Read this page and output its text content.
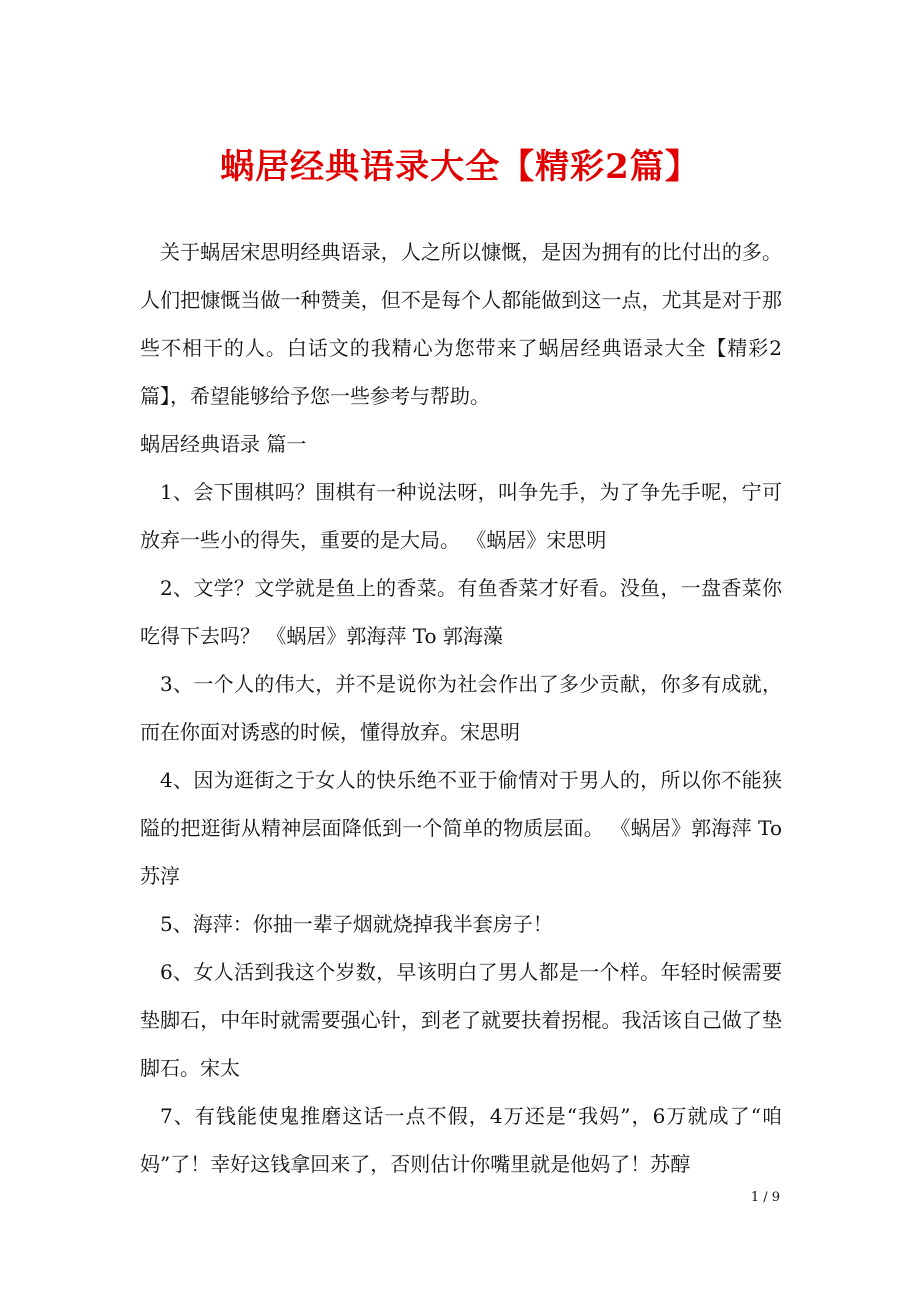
蜗居经典语录大全【精彩2篇】

关于蜗居宋思明经典语录，人之所以慷慨，是因为拥有的比付出的多。人们把慷慨当做一种赞美，但不是每个人都能做到这一点，尤其是对于那些不相干的人。白话文的我精心为您带来了蜗居经典语录大全【精彩2篇】，希望能够给予您一些参考与帮助。

蜗居经典语录 篇一

1、会下围棋吗？围棋有一种说法呀，叫争先手，为了争先手呢，宁可放弃一些小的得失，重要的是大局。 《蜗居》宋思明

2、文学？文学就是鱼上的香菜。有鱼香菜才好看。没鱼，一盘香菜你吃得下去吗？ 《蜗居》郭海萍 To 郭海藻

3、一个人的伟大，并不是说你为社会作出了多少贡献，你多有成就，而在你面对诱惑的时候，懂得放弃。宋思明

4、因为逛街之于女人的快乐绝不亚于偷情对于男人的，所以你不能狭隘的把逛街从精神层面降低到一个简单的物质层面。 《蜗居》郭海萍 To 苏淳

5、海萍：你抽一辈子烟就烧掉我半套房子！

6、女人活到我这个岁数，早该明白了男人都是一个样。年轻时候需要垫脚石，中年时就需要强心针，到老了就要扶着拐棍。我活该自己做了垫脚石。宋太

7、有钱能使鬼推磨这话一点不假，4万还是“我妈”，6万就成了“咱妈”了！幸好这钱拿回来了，否则估计你嘴里就是他妈了！苏醇

1 / 9
